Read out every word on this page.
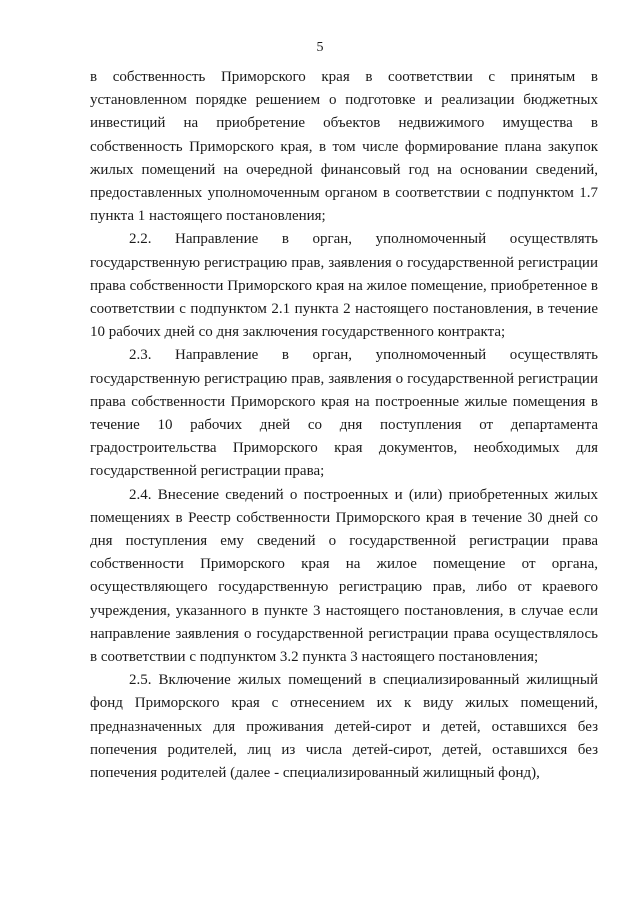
5

в собственность Приморского края в соответствии с принятым в установленном порядке решением о подготовке и реализации бюджетных инвестиций на приобретение объектов недвижимого имущества в собственность Приморского края, в том числе формирование плана закупок жилых помещений на очередной финансовый год на основании сведений, предоставленных уполномоченным органом в соответствии с подпунктом 1.7 пункта 1 настоящего постановления;

2.2. Направление в орган, уполномоченный осуществлять государственную регистрацию прав, заявления о государственной регистрации права собственности Приморского края на жилое помещение, приобретенное в соответствии с подпунктом 2.1 пункта 2 настоящего постановления, в течение 10 рабочих дней со дня заключения государственного контракта;

2.3. Направление в орган, уполномоченный осуществлять государственную регистрацию прав, заявления о государственной регистрации права собственности Приморского края на построенные жилые помещения в течение 10 рабочих дней со дня поступления от департамента градостроительства Приморского края документов, необходимых для государственной регистрации права;

2.4. Внесение сведений о построенных и (или) приобретенных жилых помещениях в Реестр собственности Приморского края в течение 30 дней со дня поступления ему сведений о государственной регистрации права собственности Приморского края на жилое помещение от органа, осуществляющего государственную регистрацию прав, либо от краевого учреждения, указанного в пункте 3 настоящего постановления, в случае если направление заявления о государственной регистрации права осуществлялось в соответствии с подпунктом 3.2 пункта 3 настоящего постановления;

2.5. Включение жилых помещений в специализированный жилищный фонд Приморского края с отнесением их к виду жилых помещений, предназначенных для проживания детей-сирот и детей, оставшихся без попечения родителей, лиц из числа детей-сирот, детей, оставшихся без попечения родителей (далее - специализированный жилищный фонд),
